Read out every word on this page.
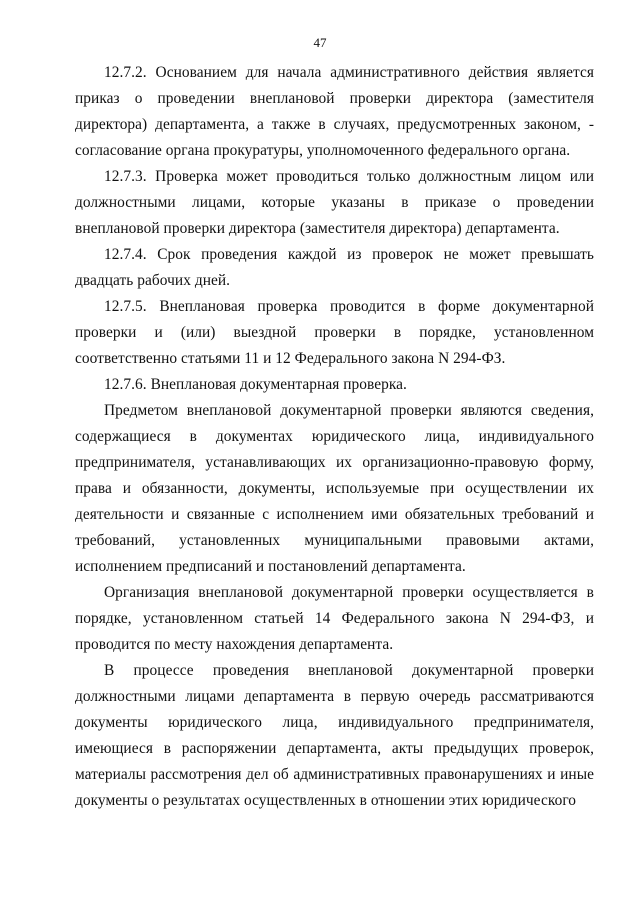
47

12.7.2. Основанием для начала административного действия является приказ о проведении внеплановой проверки директора (заместителя директора) департамента, а также в случаях, предусмотренных законом, - согласование органа прокуратуры, уполномоченного федерального органа.

12.7.3. Проверка может проводиться только должностным лицом или должностными лицами, которые указаны в приказе о проведении внеплановой проверки директора (заместителя директора) департамента.

12.7.4. Срок проведения каждой из проверок не может превышать двадцать рабочих дней.

12.7.5. Внеплановая проверка проводится в форме документарной проверки и (или) выездной проверки в порядке, установленном соответственно статьями 11 и 12 Федерального закона N 294-ФЗ.

12.7.6. Внеплановая документарная проверка.

Предметом внеплановой документарной проверки являются сведения, содержащиеся в документах юридического лица, индивидуального предпринимателя, устанавливающих их организационно-правовую форму, права и обязанности, документы, используемые при осуществлении их деятельности и связанные с исполнением ими обязательных требований и требований, установленных муниципальными правовыми актами, исполнением предписаний и постановлений департамента.

Организация внеплановой документарной проверки осуществляется в порядке, установленном статьей 14 Федерального закона N 294-ФЗ, и проводится по месту нахождения департамента.

В процессе проведения внеплановой документарной проверки должностными лицами департамента в первую очередь рассматриваются документы юридического лица, индивидуального предпринимателя, имеющиеся в распоряжении департамента, акты предыдущих проверок, материалы рассмотрения дел об административных правонарушениях и иные документы о результатах осуществленных в отношении этих юридического
